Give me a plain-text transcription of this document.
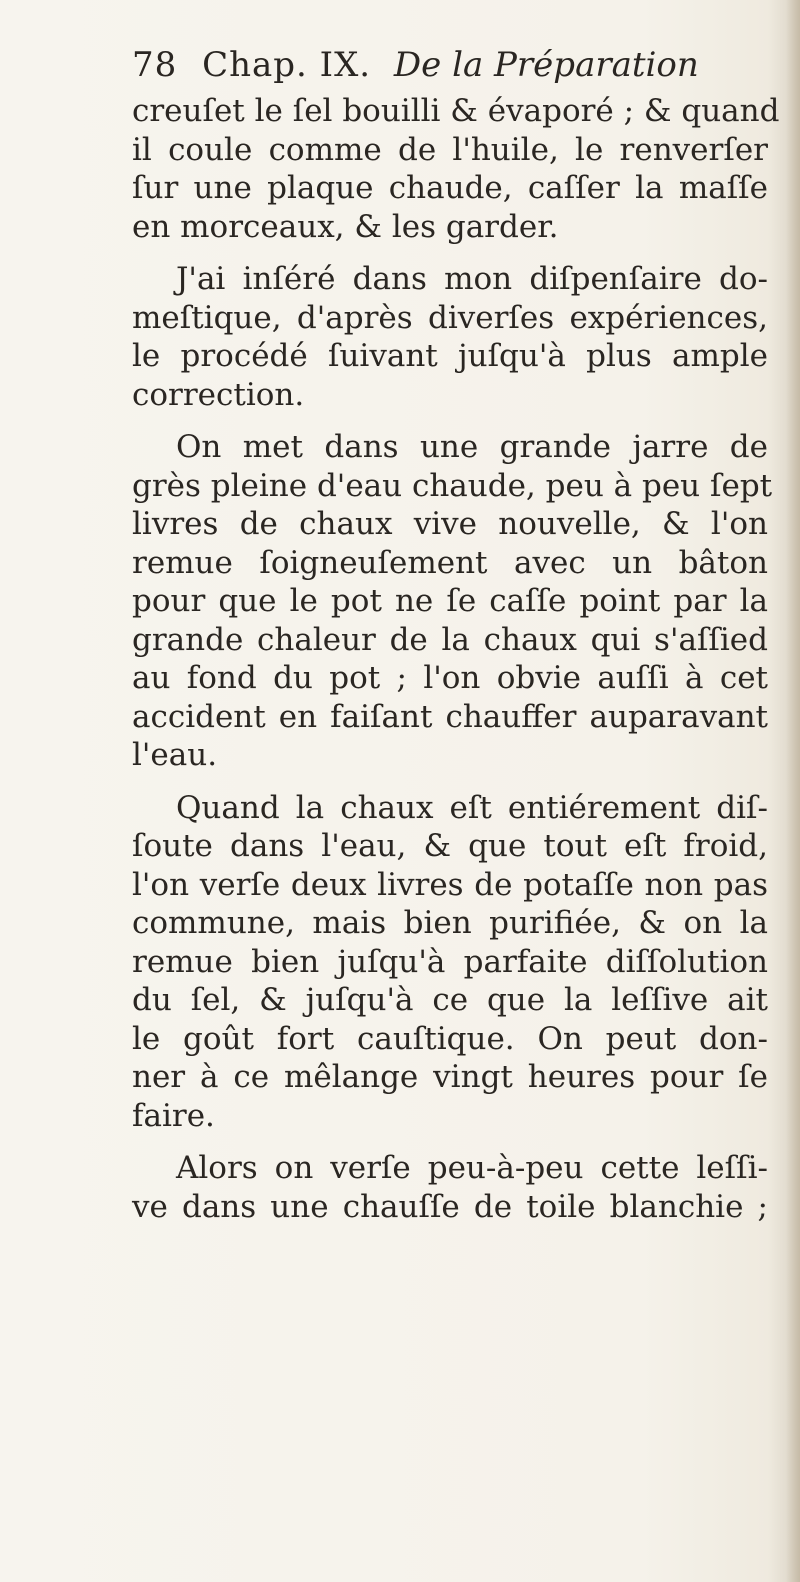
78 Chap. IX. De la Préparation
creuſet le ſel bouilli & évaporé ; & quand
il coule comme de l'huile, le renverſer
ſur une plaque chaude, caſſer la maſſe
en morceaux, & les garder.
J'ai inſéré dans mon diſpenſaire do-
meſtique, d'après diverſes expériences,
le procédé ſuivant juſqu'à plus ample
correction.
On met dans une grande jarre de
grès pleine d'eau chaude, peu à peu ſept
livres de chaux vive nouvelle, & l'on
remue ſoigneuſement avec un bâton
pour que le pot ne ſe caſſe point par la
grande chaleur de la chaux qui s'aſſied
au fond du pot ; l'on obvie auſſi à cet
accident en faiſant chauffer auparavant
l'eau.
Quand la chaux eſt entiérement diſ-
ſoute dans l'eau, & que tout eſt froid,
l'on verſe deux livres de potaſſe non pas
commune, mais bien purifiée, & on la
remue bien juſqu'à parfaite diſſolution
du ſel, & juſqu'à ce que la leſſive ait
le goût fort cauſtique. On peut don-
ner à ce mêlange vingt heures pour ſe
faire.
Alors on verſe peu-à-peu cette leſſi-
ve dans une chauſſe de toile blanchie ;
